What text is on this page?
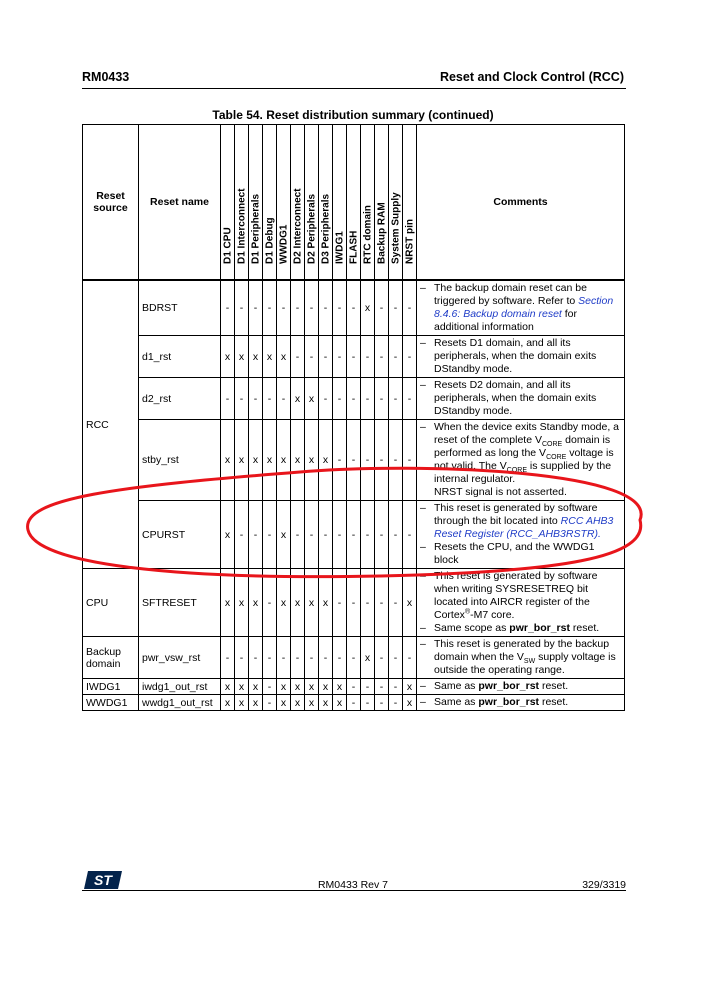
RM0433	Reset and Clock Control (RCC)
Table 54. Reset distribution summary (continued)
Reset source	Reset name	D1 CPU	D1 Interconnect	D1 Peripherals	D1 Debug	WWDG1	D2 Interconnect	D2 Peripherals	D3 Peripherals	IWDG1	FLASH	RTC domain	Backup RAM	System Supply	NRST pin	Comments
RCC	BDRST	-	-	-	-	-	-	-	-	-	-	x	-	-	-	– The backup domain reset can be triggered by software. Refer to Section 8.4.6: Backup domain reset for additional information

	d1_rst	x	x	x	x	x	-	-	-	-	-	-	-	-	-	– Resets D1 domain, and all its peripherals, when the domain exits DStandby mode.

	d2_rst	-	-	-	-	-	x	x	-	-	-	-	-	-	-	– Resets D2 domain, and all its peripherals, when the domain exits DStandby mode.

	stby_rst	x	x	x	x	x	x	x	x	-	-	-	-	-	-	– When the device exits Standby mode, a reset of the complete $V_{CORE}$ domain is performed as long the $V_{CORE}$ voltage is not valid. The $V_{CORE}$ is supplied by the internal regulator.
NRST signal is not asserted.

	CPURST	x	-	-	-	x	-	-	-	-	-	-	-	-	-	– This reset is generated by software through the bit located into RCC AHB3 Reset Register (RCC_AHB3RSTR).
– Resets the CPU, and the WWDG1 block

CPU	SFTRESET	x	x	x	-	x	x	x	x	-	-	-	-	-	x	– This reset is generated by software when writing SYSRESETREQ bit located into AIRCR register of the Cortex®-M7 core.
– Same scope as pwr_bor_rst reset.

Backup domain	pwr_vsw_rst	-	-	-	-	-	-	-	-	-	-	x	-	-	-	– This reset is generated by the backup domain when the $V_{SW}$ supply voltage is outside the operating range.

IWDG1	iwdg1_out_rst	x	x	x	-	x	x	x	x	x	-	-	-	-	x	– Same as pwr_bor_rst reset.

WWDG1	wwdg1_out_rst	x	x	x	-	x	x	x	x	x	-	-	-	-	x	– Same as pwr_bor_rst reset.
ST	RM0433 Rev 7	329/3319
